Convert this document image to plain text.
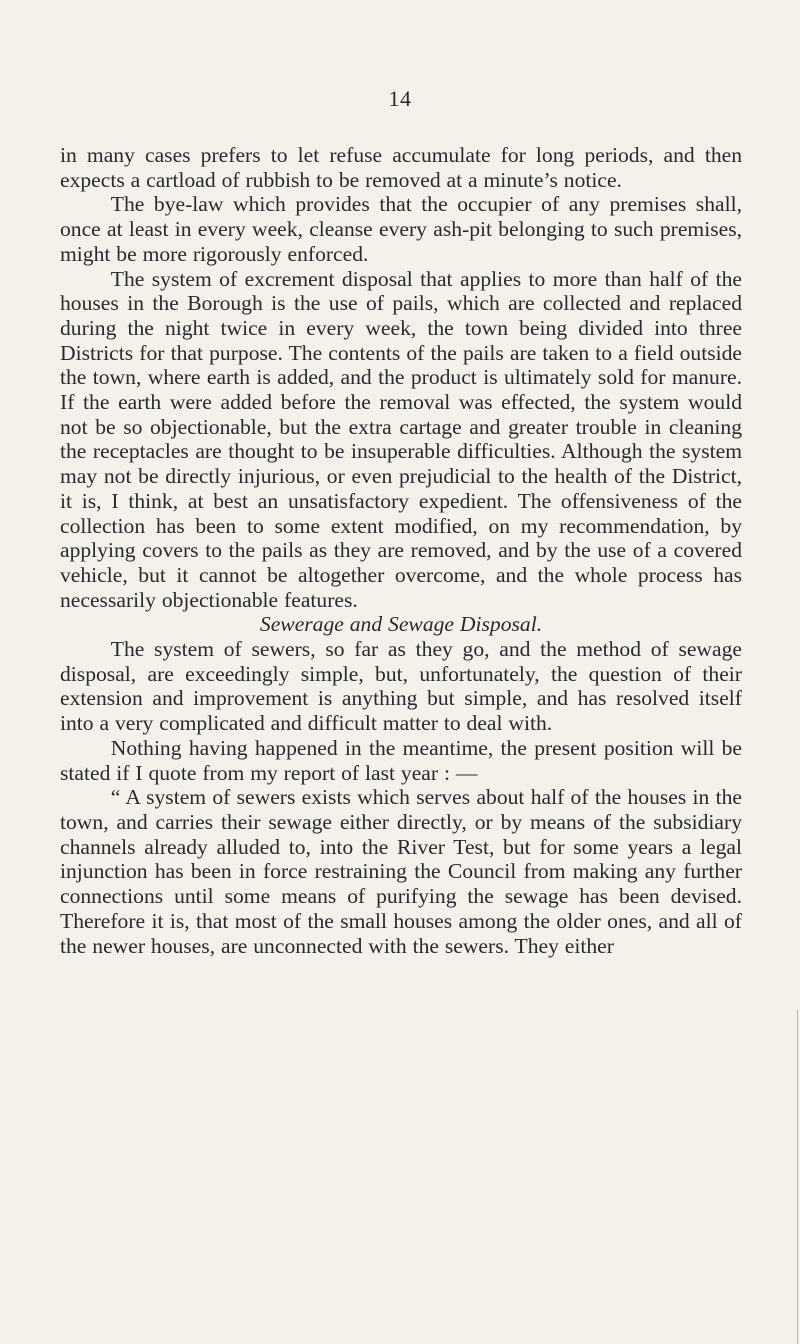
14

in many cases prefers to let refuse accumulate for long periods, and then expects a cartload of rubbish to be removed at a minute’s notice.

The bye-law which provides that the occupier of any premises shall, once at least in every week, cleanse every ash-pit belonging to such premises, might be more rigorously enforced.

The system of excrement disposal that applies to more than half of the houses in the Borough is the use of pails, which are collected and replaced during the night twice in every week, the town being divided into three Districts for that purpose. The contents of the pails are taken to a field outside the town, where earth is added, and the product is ultimately sold for manure. If the earth were added before the removal was effected, the system would not be so objectionable, but the extra cartage and greater trouble in cleaning the receptacles are thought to be insuperable difficulties. Although the system may not be directly injurious, or even prejudicial to the health of the District, it is, I think, at best an unsatisfactory expedient. The offensiveness of the collection has been to some extent modified, on my recommendation, by applying covers to the pails as they are removed, and by the use of a covered vehicle, but it cannot be altogether overcome, and the whole process has necessarily objectionable features.

Sewerage and Sewage Disposal.

The system of sewers, so far as they go, and the method of sewage disposal, are exceedingly simple, but, unfortunately, the question of their extension and improvement is anything but simple, and has resolved itself into a very complicated and difficult matter to deal with.

Nothing having happened in the meantime, the present position will be stated if I quote from my report of last year : —

“ A system of sewers exists which serves about half of the houses in the town, and carries their sewage either directly, or by means of the subsidiary channels already alluded to, into the River Test, but for some years a legal injunction has been in force restraining the Council from making any further connections until some means of purifying the sewage has been devised. Therefore it is, that most of the small houses among the older ones, and all of the newer houses, are unconnected with the sewers. They either
